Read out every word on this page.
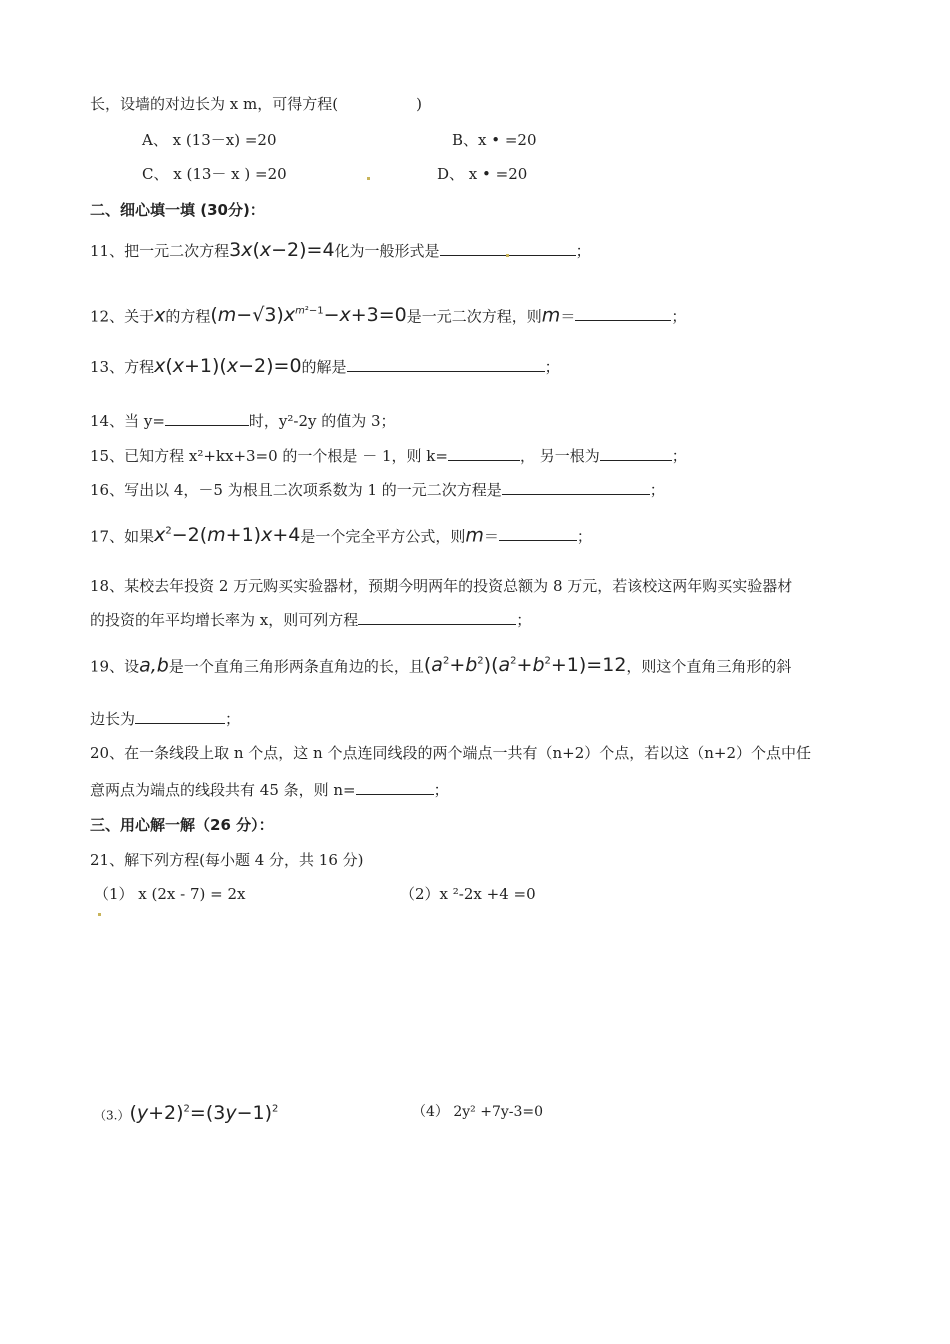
长，设墙的对边长为 x m，可得方程(	)
A、 x (13－x) =20	B、x • =20
C、 x (13－ x ) =20	D、 x • =20
二、细心填一填 (30分)：
11、把一元二次方程3x(x−2)=4化为一般形式是	；
12、关于x的方程$(m-√3)x^{m^2-1}-x+3=0$是一元二次方程，则m＝	；
13、方程x(x+1)(x−2)=0的解是	；
14、当 y=	时，y²-2y 的值为 3；
15、已知方程 x²+kx+3=0 的一个根是 － 1，则 k=	， 另一根为	；
16、写出以 4，－5 为根且二次项系数为 1 的一元二次方程是	；
17、如果$x^2-2(m+1)x+4$是一个完全平方公式，则m＝	；
18、某校去年投资 2 万元购买实验器材，预期今明两年的投资总额为 8 万元，若该校这两年购买实验器材
的投资的年平均增长率为 x，则可列方程	；
19、设a,b是一个直角三角形两条直角边的长，且$(a^2+b^2)(a^2+b^2+1)=12$，则这个直角三角形的斜
边长为	；
20、在一条线段上取 n 个点，这 n 个点连同线段的两个端点一共有（n+2）个点，若以这（n+2）个点中任
意两点为端点的线段共有 45 条，则 n=	；
三、用心解一解（26 分）：
21、解下列方程(每小题 4 分，共 16 分)
（1） x (2x - 7) = 2x	（2）x ²-2x +4 =0
$(3.)(y+2)^2=(3y-1)^2$	（4） 2y² +7y-3=0
